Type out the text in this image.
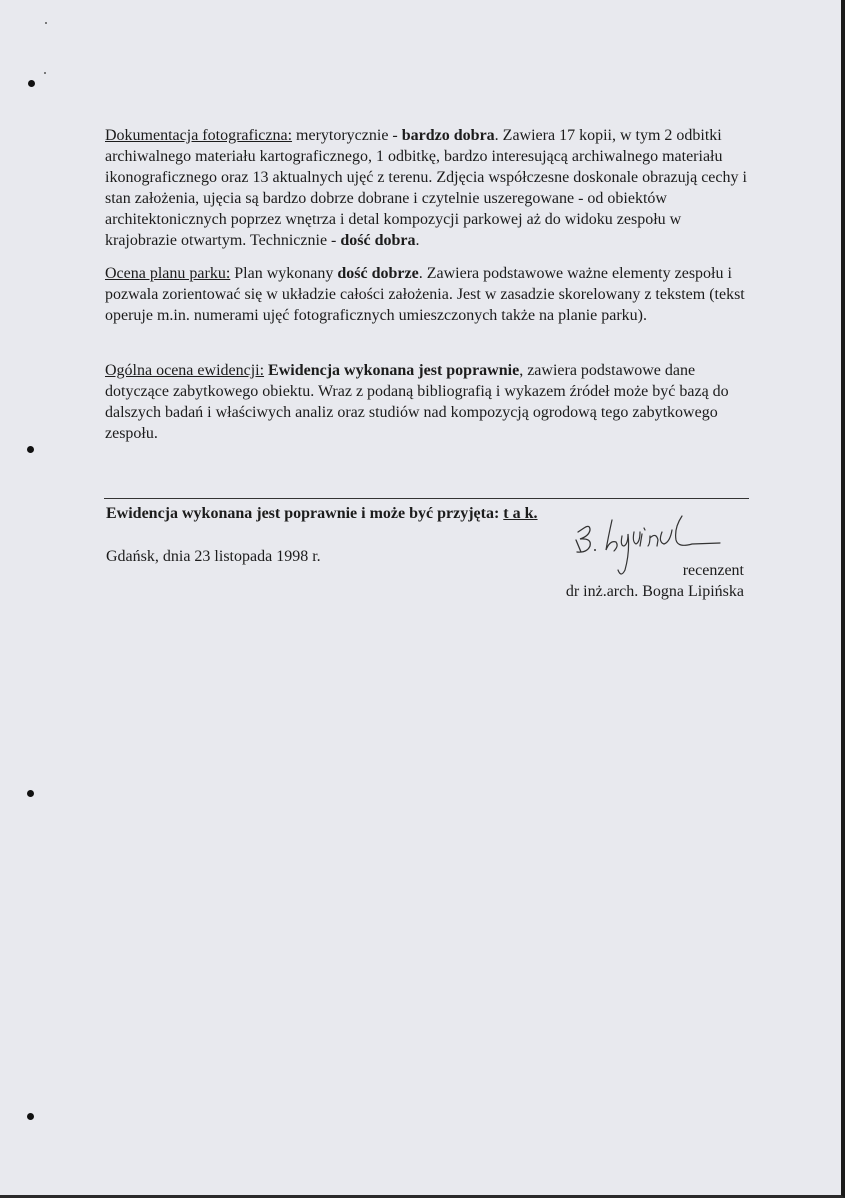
Dokumentacja fotograficzna: merytorycznie - bardzo dobra. Zawiera 17 kopii, w tym 2 odbitki archiwalnego materiału kartograficznego, 1 odbitkę, bardzo interesującą archiwalnego materiału ikonograficznego oraz 13 aktualnych ujęć z terenu. Zdjęcia współczesne doskonale obrazują cechy i stan założenia, ujęcia są bardzo dobrze dobrane i czytelnie uszeregowane - od obiektów architektonicznych poprzez wnętrza i detal kompozycji parkowej aż do widoku zespołu w krajobrazie otwartym. Technicznie - dość dobra.

Ocena planu parku: Plan wykonany dość dobrze. Zawiera podstawowe ważne elementy zespołu i pozwala zorientować się w układzie całości założenia. Jest w zasadzie skorelowany z tekstem (tekst operuje m.in. numerami ujęć fotograficznych umieszczonych także na planie parku).

Ogólna ocena ewidencji: Ewidencja wykonana jest poprawnie, zawiera podstawowe dane dotyczące zabytkowego obiektu. Wraz z podaną bibliografią i wykazem źródeł może być bazą do dalszych badań i właściwych analiz oraz studiów nad kompozycją ogrodową tego zabytkowego zespołu.

Ewidencja wykonana jest poprawnie i może być przyjęta: t a k.
Gdańsk, dnia 23 listopada 1998 r.
recenzent
dr inż.arch. Bogna Lipińska
